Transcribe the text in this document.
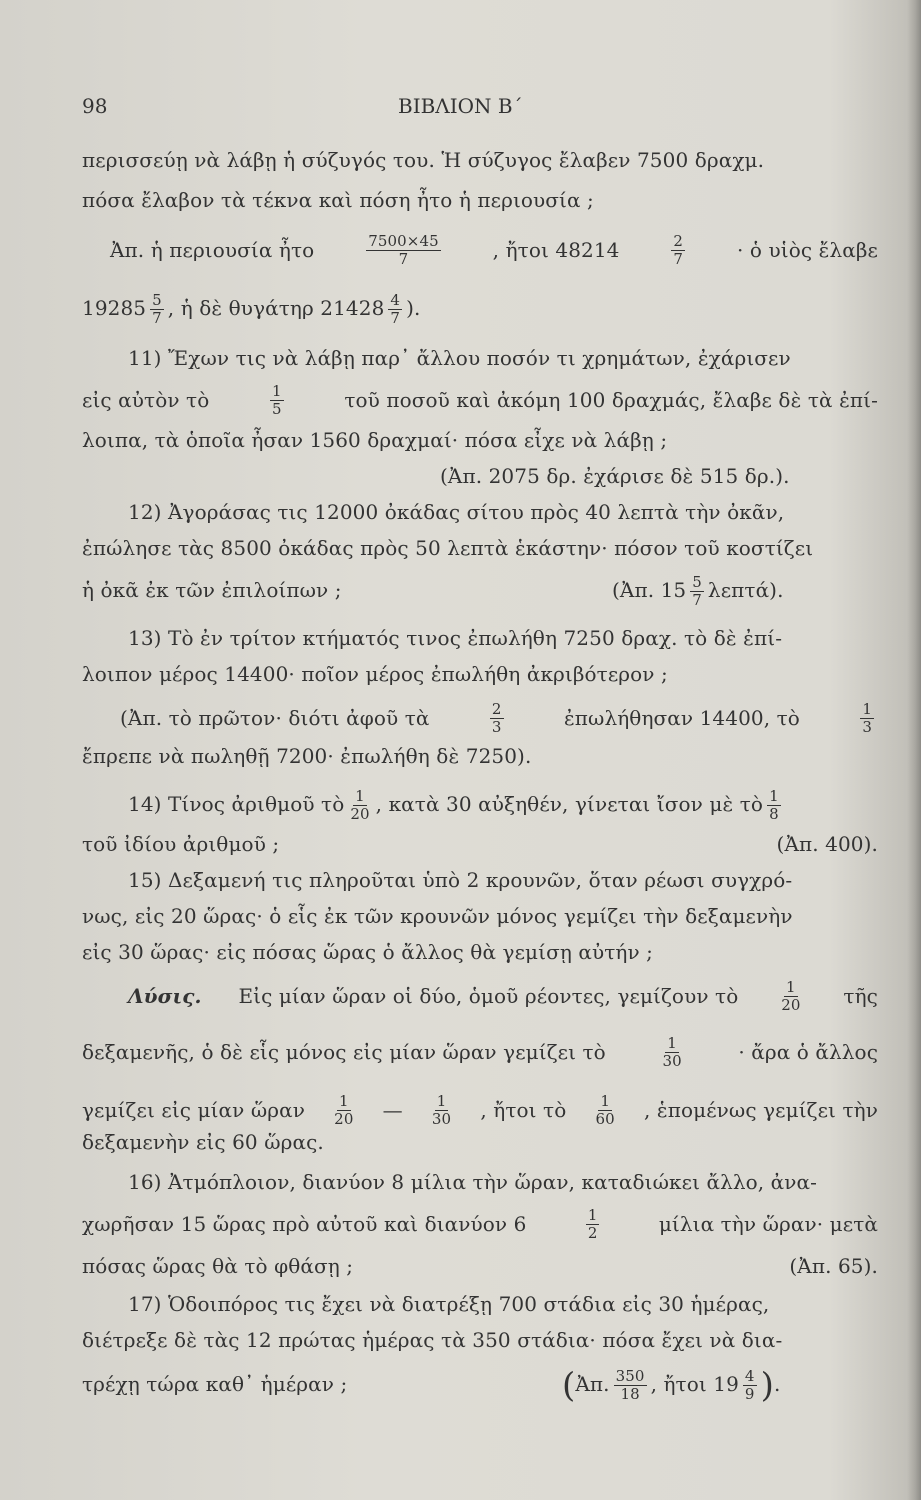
98	ΒΙΒΛΙΟΝ Β΄
περισσεύῃ νὰ λάβῃ ἡ σύζυγός του. Ἡ σύζυγος ἔλαβεν 7500 δραχμ.
πόσα ἔλαβον τὰ τέκνα καὶ πόση ἦτο ἡ περιουσία ;
Ἀπ. ἡ περιουσία ἦτο	$\frac{7500\times 45}{7}$	, ἤτοι 48214	$\frac{2}{7}$	· ὁ υἱὸς ἔλαβε
$19285 \frac{5}{7}$ , ἡ δὲ θυγάτηρ $21428 \frac{4}{7}$ ).
11) Ἔχων τις νὰ λάβῃ παρ᾿ ἄλλου ποσόν τι χρημάτων, ἐχάρισεν
εἰς αὐτὸν τὸ	$\frac{1}{5}$	τοῦ ποσοῦ καὶ ἀκόμη 100 δραχμάς, ἔλαβε δὲ τὰ ἐπί-
λοιπα, τὰ ὁποῖα ἦσαν 1560 δραχμαί· πόσα εἶχε νὰ λάβῃ ;
(Ἀπ. 2075 δρ. ἐχάρισε δὲ 515 δρ.).
12) Ἀγοράσας τις 12000 ὀκάδας σίτου πρὸς 40 λεπτὰ τὴν ὀκᾶν,
ἐπώλησε τὰς 8500 ὀκάδας πρὸς 50 λεπτὰ ἑκάστην· πόσον τοῦ κοστίζει
ἡ ὀκᾶ ἐκ τῶν ἐπιλοίπων ;	(Ἀπ. $15 \frac{5}{7} \lambda\varepsilon\pi\tau ά$).
13) Τὸ ἐν τρίτον κτήματός τινος ἐπωλήθη 7250 δραχ. τὸ δὲ ἐπί-
λοιπον μέρος 14400· ποῖον μέρος ἐπωλήθη ἀκριβότερον ;
(Ἀπ. τὸ πρῶτον· διότι ἀφοῦ τὰ	$\frac{2}{3}$	ἐπωλήθησαν 14400, τὸ	$\frac{1}{3}$
ἔπρεπε νὰ πωληθῇ 7200· ἐπωλήθη δὲ 7250).
14) Τίνος ἀριθμοῦ τὸ $\frac{1}{20}$ , κατὰ 30 αὐξηθέν, γίνεται ἴσον μὲ τὸ $\frac{1}{8}$
τοῦ ἰδίου ἀριθμοῦ ;	(Ἀπ. 400).
15) Δεξαμενή τις πληροῦται ὑπὸ 2 κρουνῶν, ὅταν ρέωσι συγχρό-
νως, εἰς 20 ὥρας· ὁ εἷς ἐκ τῶν κρουνῶν μόνος γεμίζει τὴν δεξαμενὴν
εἰς 30 ὥρας· εἰς πόσας ὥρας ὁ ἄλλος θὰ γεμίσῃ αὐτήν ;
Λύσις. Εἰς μίαν ὥραν οἱ δύο, ὁμοῦ ρέοντες, γεμίζουν τὸ	$\frac{1}{20}$ τῆς
δεξαμενῆς, ὁ δὲ εἷς μόνος εἰς μίαν ὥραν γεμίζει τὸ	$\frac{1}{30}$	· ἄρα ὁ ἄλλος
γεμίζει εἰς μίαν ὥραν $\frac{1}{20}$ — $\frac{1}{30}$ , ἤτοι τὸ $\frac{1}{60}$ , ἑπομένως γεμίζει τὴν
δεξαμενὴν εἰς 60 ὥρας.
16) Ἀτμόπλοιον, διανύον 8 μίλια τὴν ὥραν, καταδιώκει ἄλλο, ἀνα-
χωρῆσαν 15 ὥρας πρὸ αὐτοῦ καὶ διανύον 6	$\frac{1}{2}$	μίλια τὴν ὥραν· μετὰ
πόσας ὥρας θὰ τὸ φθάσῃ ;	(Ἀπ. 65).
17) Ὁδοιπόρος τις ἔχει νὰ διατρέξῃ 700 στάδια εἰς 30 ἡμέρας,
διέτρεξε δὲ τὰς 12 πρώτας ἡμέρας τὰ 350 στάδια· πόσα ἔχει νὰ δια-
τρέχῃ τώρα καθ᾿ ἡμέραν ;	(Ἀπ. $\frac{350}{18}$ , ἤτοι $19 \frac{4}{9}$ ).
